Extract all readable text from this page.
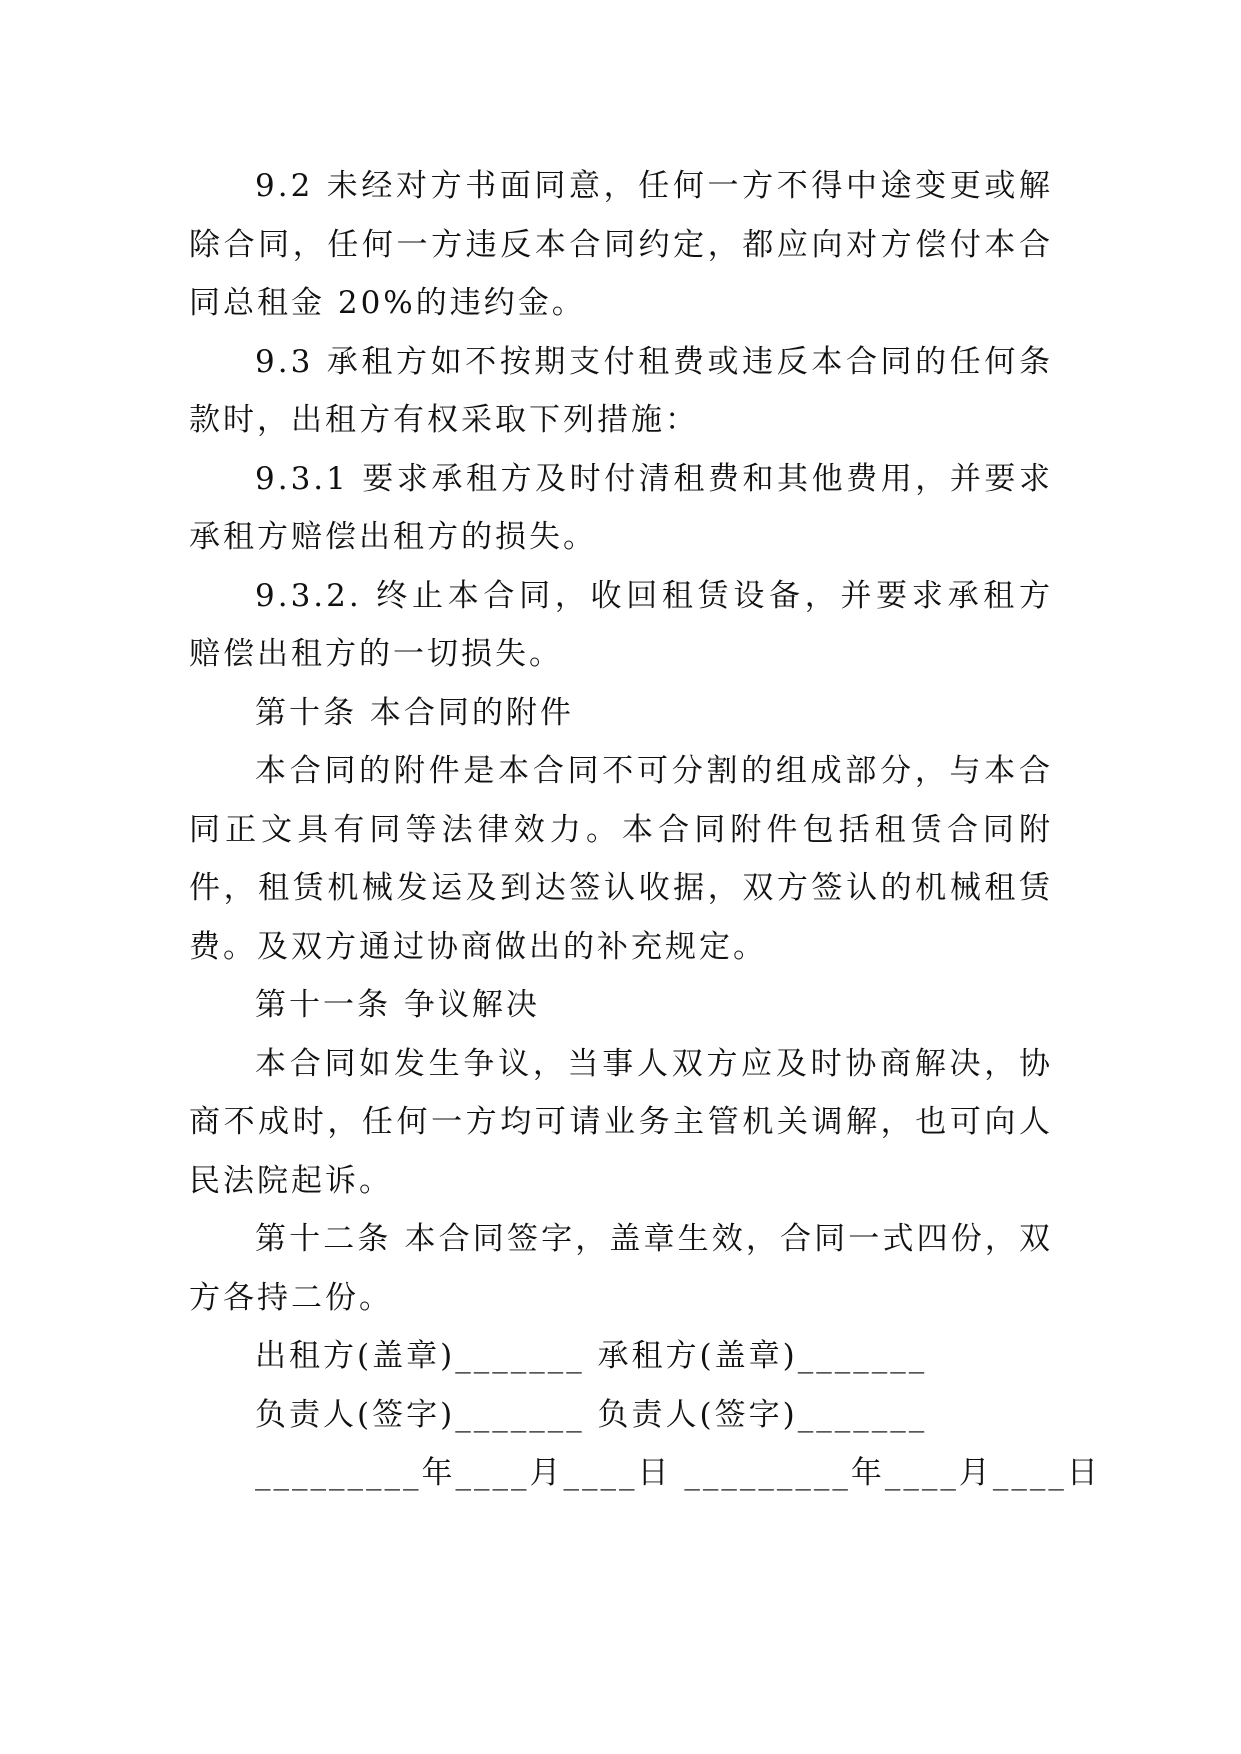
9.2 未经对方书面同意，任何一方不得中途变更或解除合同，任何一方违反本合同约定，都应向对方偿付本合同总租金 20%的违约金。

9.3 承租方如不按期支付租费或违反本合同的任何条款时，出租方有权采取下列措施：

9.3.1 要求承租方及时付清租费和其他费用，并要求承租方赔偿出租方的损失。

9.3.2. 终止本合同，收回租赁设备，并要求承租方赔偿出租方的一切损失。

第十条 本合同的附件

本合同的附件是本合同不可分割的组成部分，与本合同正文具有同等法律效力。本合同附件包括租赁合同附件，租赁机械发运及到达签认收据，双方签认的机械租赁费。及双方通过协商做出的补充规定。

第十一条 争议解决

本合同如发生争议，当事人双方应及时协商解决，协商不成时，任何一方均可请业务主管机关调解，也可向人民法院起诉。

第十二条 本合同签字，盖章生效，合同一式四份，双方各持二份。

出租方(盖章)_______ 承租方(盖章)_______

负责人(签字)_______ 负责人(签字)_______

_________年____月____日 _________年____月____日
